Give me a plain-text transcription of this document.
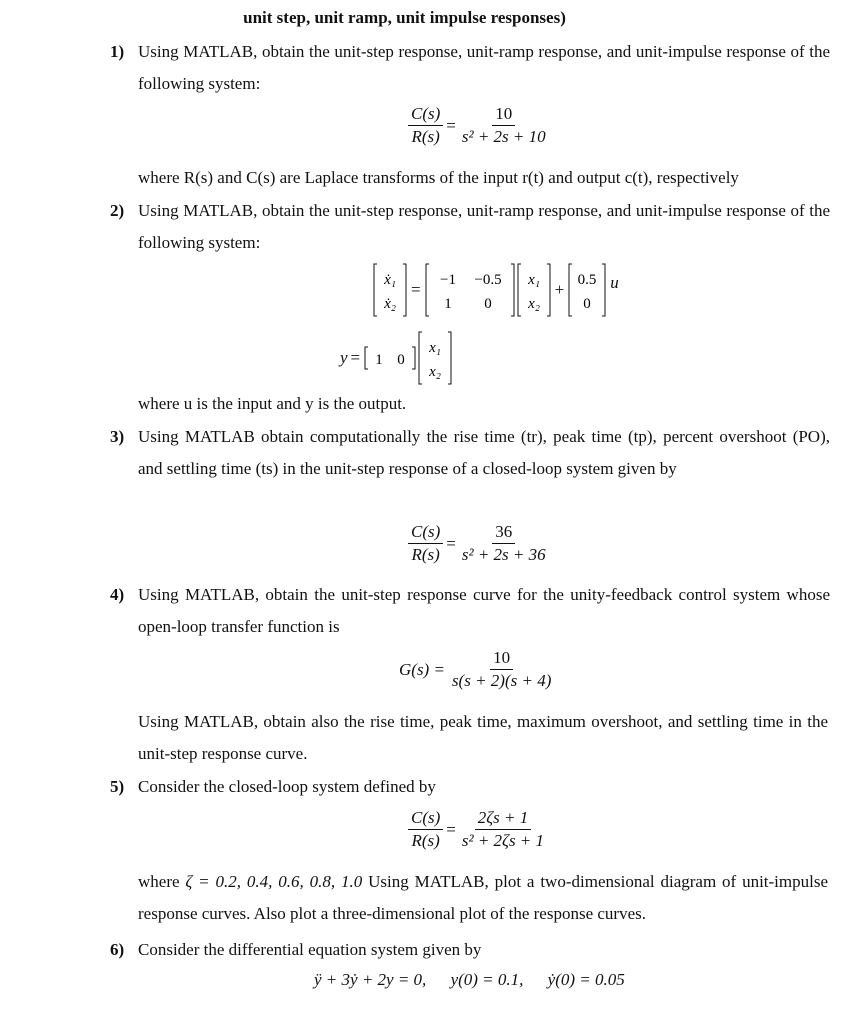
unit step, unit ramp, unit impulse responses)
1) Using MATLAB, obtain the unit-step response, unit-ramp response, and unit-impulse response of the following system:
$\frac{C(s)}{R(s)} = \frac{10}{\text{s² + 2s + 10}}$
where R(s) and C(s) are Laplace transforms of the input r(t) and output c(t), respectively
2) Using MATLAB, obtain the unit-step response, unit-ramp response, and unit-impulse response of the following system:
ẋ₁
ẋ₂
= −1 −0.5
1 0
x₁
x₂
+ 0.5
0
u
y = 1 0
x₁
x₂
where u is the input and y is the output.
3) Using MATLAB obtain computationally the rise time (tr), peak time (tp), percent overshoot (PO), and settling time (ts) in the unit-step response of a closed-loop system given by
$\frac{C(s)}{R(s)} = \frac{36}{\text{s² + 2s + 36}}$
4) Using MATLAB, obtain the unit-step response curve for the unity-feedback control system whose open-loop transfer function is
$G(s) = \frac{10}{s(s + 2)(s + 4)}$
Using MATLAB, obtain also the rise time, peak time, maximum overshoot, and settling time in the unit-step response curve.
5) Consider the closed-loop system defined by
$\frac{C(s)}{R(s)} = \frac{2\zeta s + 1}{\text{s² + 2ζs + 1}}$
where ζ = 0.2, 0.4, 0.6, 0.8, 1.0 Using MATLAB, plot a two-dimensional diagram of unit-impulse response curves. Also plot a three-dimensional plot of the response curves.
6) Consider the differential equation system given by
ÿ + 3ẏ + 2y = 0, y(0) = 0.1, ẏ(0) = 0.05
